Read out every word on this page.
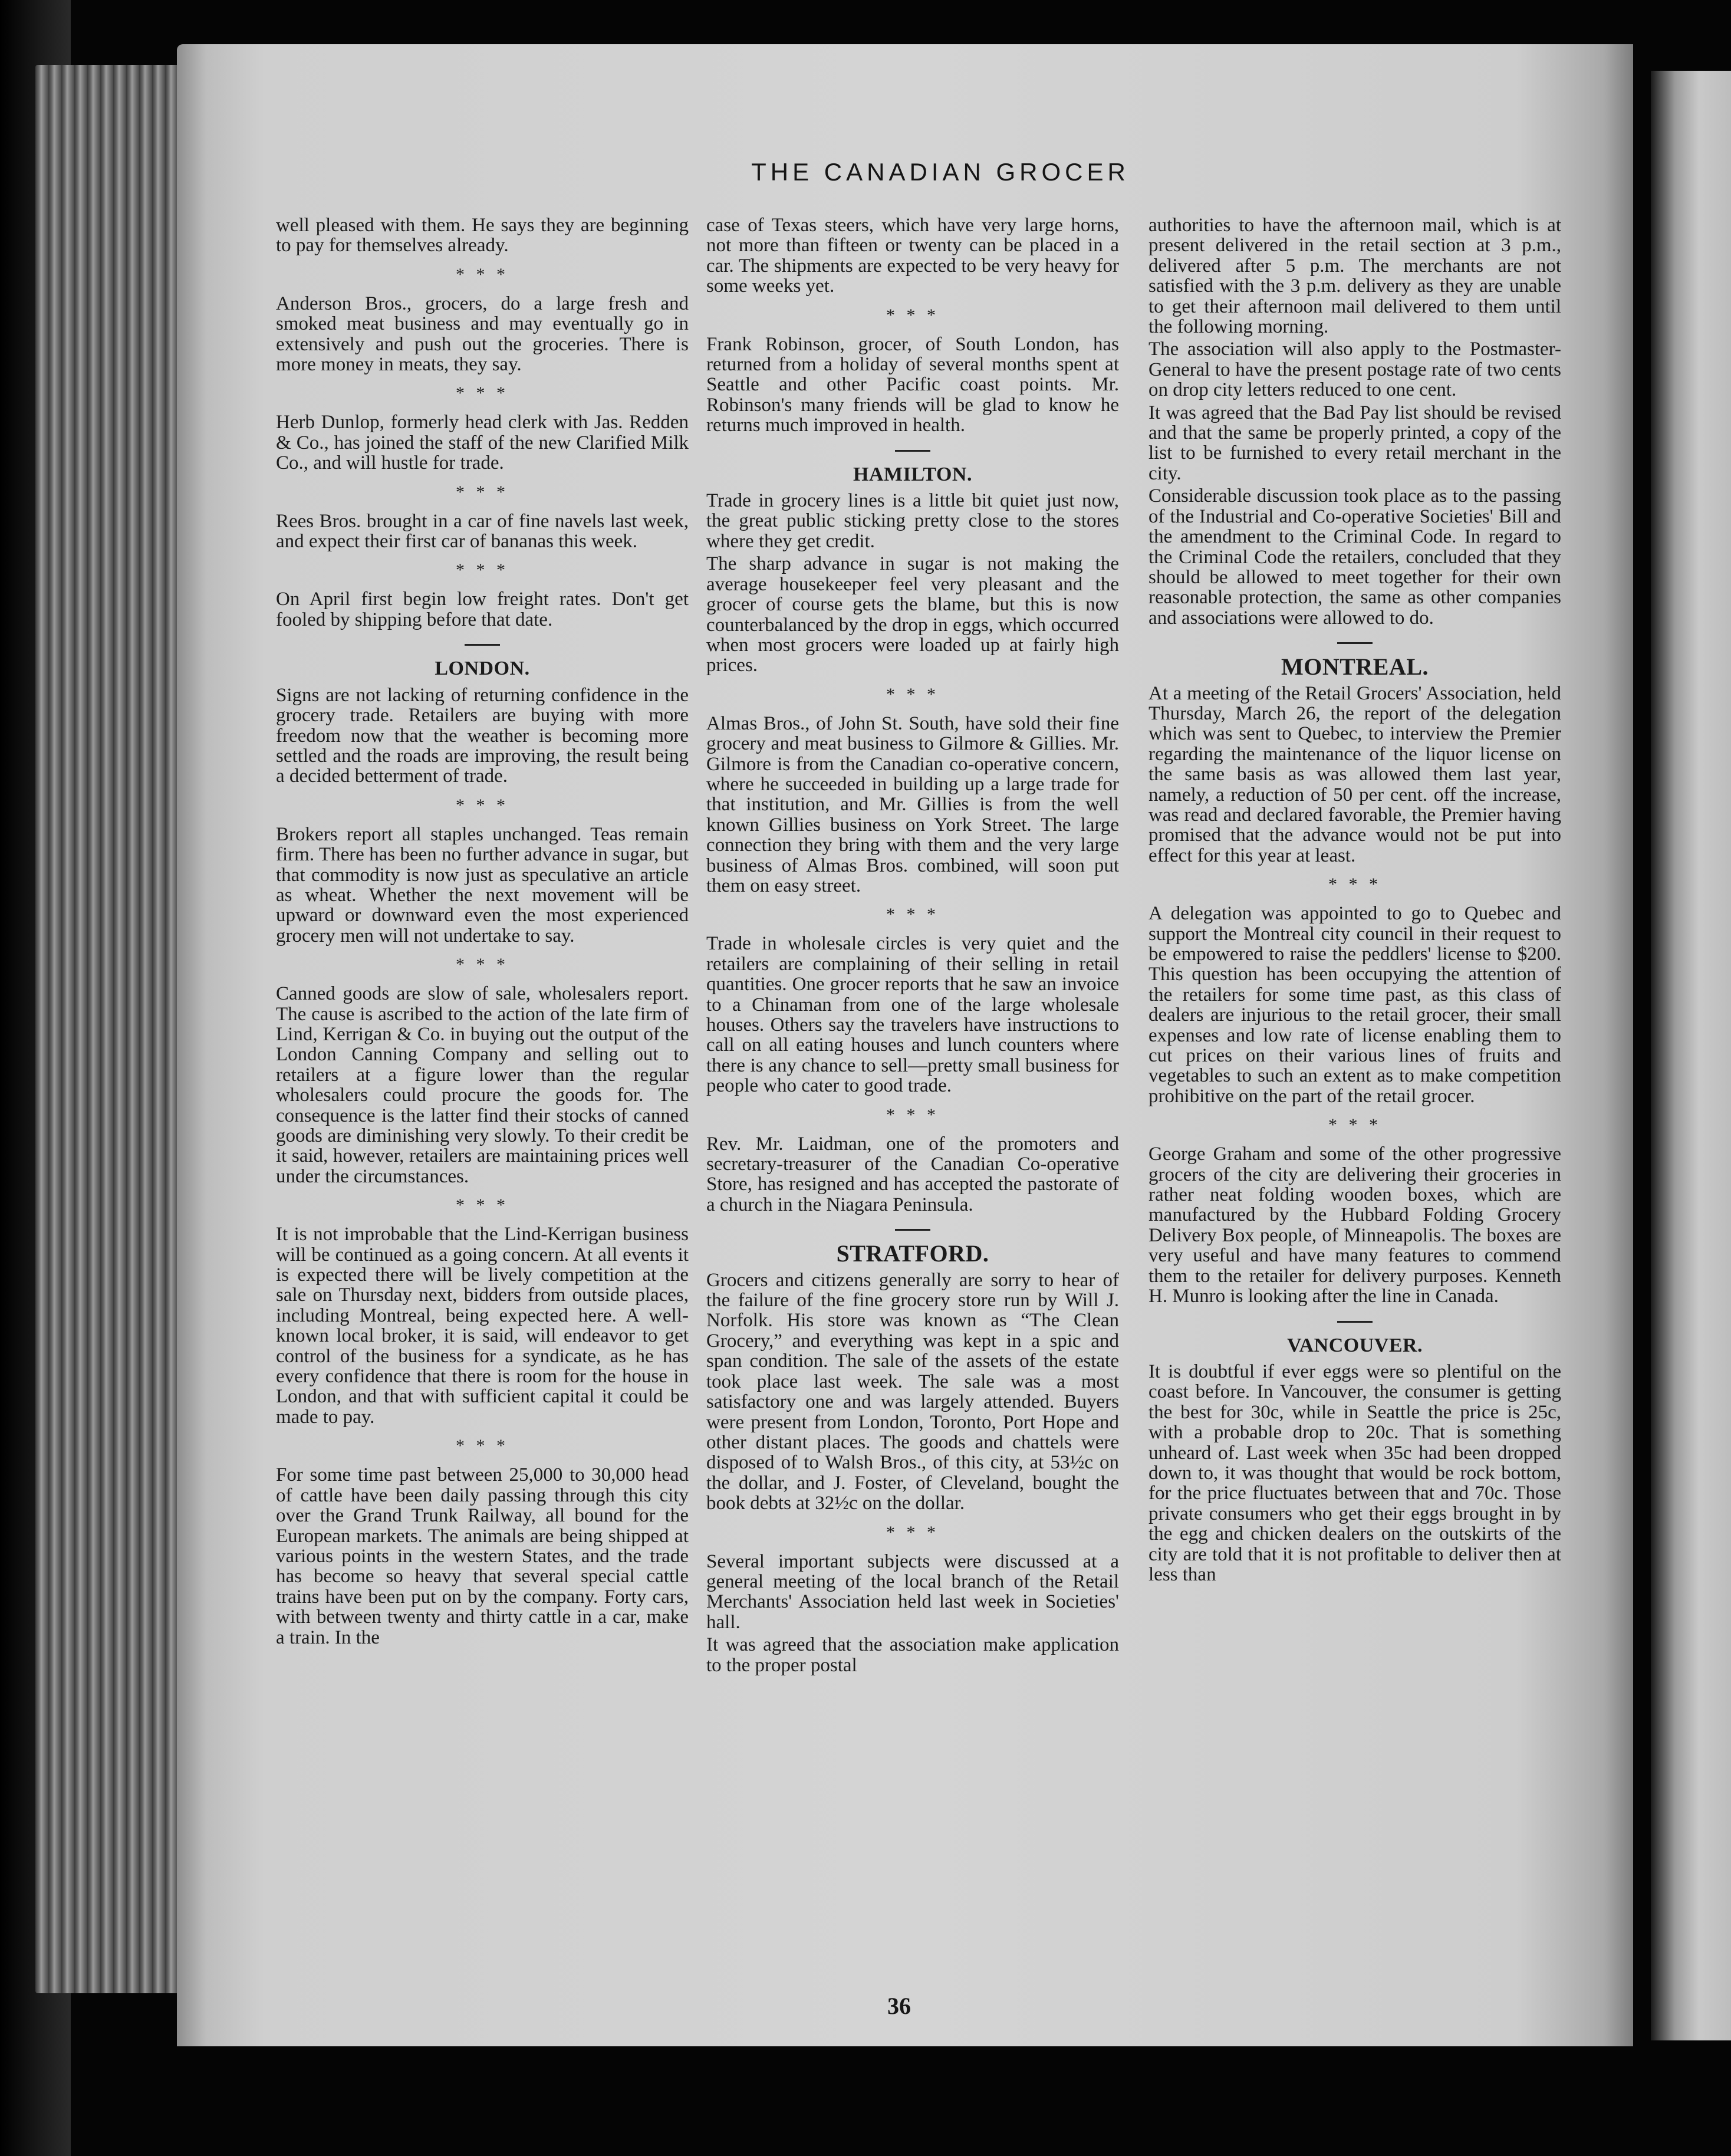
THE CANADIAN GROCER

well pleased with them. He says they are beginning to pay for themselves already.

* * *

Anderson Bros., grocers, do a large fresh and smoked meat business and may eventually go in extensively and push out the groceries. There is more money in meats, they say.

* * *

Herb Dunlop, formerly head clerk with Jas. Redden & Co., has joined the staff of the new Clarified Milk Co., and will hustle for trade.

* * *

Rees Bros. brought in a car of fine navels last week, and expect their first car of bananas this week.

* * *

On April first begin low freight rates. Don't get fooled by shipping before that date.

LONDON.

Signs are not lacking of returning confidence in the grocery trade. Retailers are buying with more freedom now that the weather is becoming more settled and the roads are improving, the result being a decided betterment of trade.

* * *

Brokers report all staples unchanged. Teas remain firm. There has been no further advance in sugar, but that commodity is now just as speculative an article as wheat. Whether the next movement will be upward or downward even the most experienced grocery men will not undertake to say.

* * *

Canned goods are slow of sale, wholesalers report. The cause is ascribed to the action of the late firm of Lind, Kerrigan & Co. in buying out the output of the London Canning Company and selling out to retailers at a figure lower than the regular wholesalers could procure the goods for. The consequence is the latter find their stocks of canned goods are diminishing very slowly. To their credit be it said, however, retailers are maintaining prices well under the circumstances.

* * *

It is not improbable that the Lind-Kerrigan business will be continued as a going concern. At all events it is expected there will be lively competition at the sale on Thursday next, bidders from outside places, including Montreal, being expected here. A well-known local broker, it is said, will endeavor to get control of the business for a syndicate, as he has every confidence that there is room for the house in London, and that with sufficient capital it could be made to pay.

* * *

For some time past between 25,000 to 30,000 head of cattle have been daily passing through this city over the Grand Trunk Railway, all bound for the European markets. The animals are being shipped at various points in the western States, and the trade has become so heavy that several special cattle trains have been put on by the company. Forty cars, with between twenty and thirty cattle in a car, make a train. In the

case of Texas steers, which have very large horns, not more than fifteen or twenty can be placed in a car. The shipments are expected to be very heavy for some weeks yet.

* * *

Frank Robinson, grocer, of South London, has returned from a holiday of several months spent at Seattle and other Pacific coast points. Mr. Robinson's many friends will be glad to know he returns much improved in health.

HAMILTON.

Trade in grocery lines is a little bit quiet just now, the great public sticking pretty close to the stores where they get credit.

The sharp advance in sugar is not making the average housekeeper feel very pleasant and the grocer of course gets the blame, but this is now counterbalanced by the drop in eggs, which occurred when most grocers were loaded up at fairly high prices.

* * *

Almas Bros., of John St. South, have sold their fine grocery and meat business to Gilmore & Gillies. Mr. Gilmore is from the Canadian co-operative concern, where he succeeded in building up a large trade for that institution, and Mr. Gillies is from the well known Gillies business on York Street. The large connection they bring with them and the very large business of Almas Bros. combined, will soon put them on easy street.

* * *

Trade in wholesale circles is very quiet and the retailers are complaining of their selling in retail quantities. One grocer reports that he saw an invoice to a Chinaman from one of the large wholesale houses. Others say the travelers have instructions to call on all eating houses and lunch counters where there is any chance to sell—pretty small business for people who cater to good trade.

* * *

Rev. Mr. Laidman, one of the promoters and secretary-treasurer of the Canadian Co-operative Store, has resigned and has accepted the pastorate of a church in the Niagara Peninsula.

STRATFORD.

Grocers and citizens generally are sorry to hear of the failure of the fine grocery store run by Will J. Norfolk. His store was known as “The Clean Grocery,” and everything was kept in a spic and span condition. The sale of the assets of the estate took place last week. The sale was a most satisfactory one and was largely attended. Buyers were present from London, Toronto, Port Hope and other distant places. The goods and chattels were disposed of to Walsh Bros., of this city, at 53½c on the dollar, and J. Foster, of Cleveland, bought the book debts at 32½c on the dollar.

* * *

Several important subjects were discussed at a general meeting of the local branch of the Retail Merchants' Association held last week in Societies' hall.

It was agreed that the association make application to the proper postal

authorities to have the afternoon mail, which is at present delivered in the retail section at 3 p.m., delivered after 5 p.m. The merchants are not satisfied with the 3 p.m. delivery as they are unable to get their afternoon mail delivered to them until the following morning.

The association will also apply to the Postmaster-General to have the present postage rate of two cents on drop city letters reduced to one cent.

It was agreed that the Bad Pay list should be revised and that the same be properly printed, a copy of the list to be furnished to every retail merchant in the city.

Considerable discussion took place as to the passing of the Industrial and Co-operative Societies' Bill and the amendment to the Criminal Code. In regard to the Criminal Code the retailers, concluded that they should be allowed to meet together for their own reasonable protection, the same as other companies and associations were allowed to do.

MONTREAL.

At a meeting of the Retail Grocers' Association, held Thursday, March 26, the report of the delegation which was sent to Quebec, to interview the Premier regarding the maintenance of the liquor license on the same basis as was allowed them last year, namely, a reduction of 50 per cent. off the increase, was read and declared favorable, the Premier having promised that the advance would not be put into effect for this year at least.

* * *

A delegation was appointed to go to Quebec and support the Montreal city council in their request to be empowered to raise the peddlers' license to $200. This question has been occupying the attention of the retailers for some time past, as this class of dealers are injurious to the retail grocer, their small expenses and low rate of license enabling them to cut prices on their various lines of fruits and vegetables to such an extent as to make competition prohibitive on the part of the retail grocer.

* * *

George Graham and some of the other progressive grocers of the city are delivering their groceries in rather neat folding wooden boxes, which are manufactured by the Hubbard Folding Grocery Delivery Box people, of Minneapolis. The boxes are very useful and have many features to commend them to the retailer for delivery purposes. Kenneth H. Munro is looking after the line in Canada.

VANCOUVER.

It is doubtful if ever eggs were so plentiful on the coast before. In Vancouver, the consumer is getting the best for 30c, while in Seattle the price is 25c, with a probable drop to 20c. That is something unheard of. Last week when 35c had been dropped down to, it was thought that would be rock bottom, for the price fluctuates between that and 70c. Those private consumers who get their eggs brought in by the egg and chicken dealers on the outskirts of the city are told that it is not profitable to deliver then at less than

36
